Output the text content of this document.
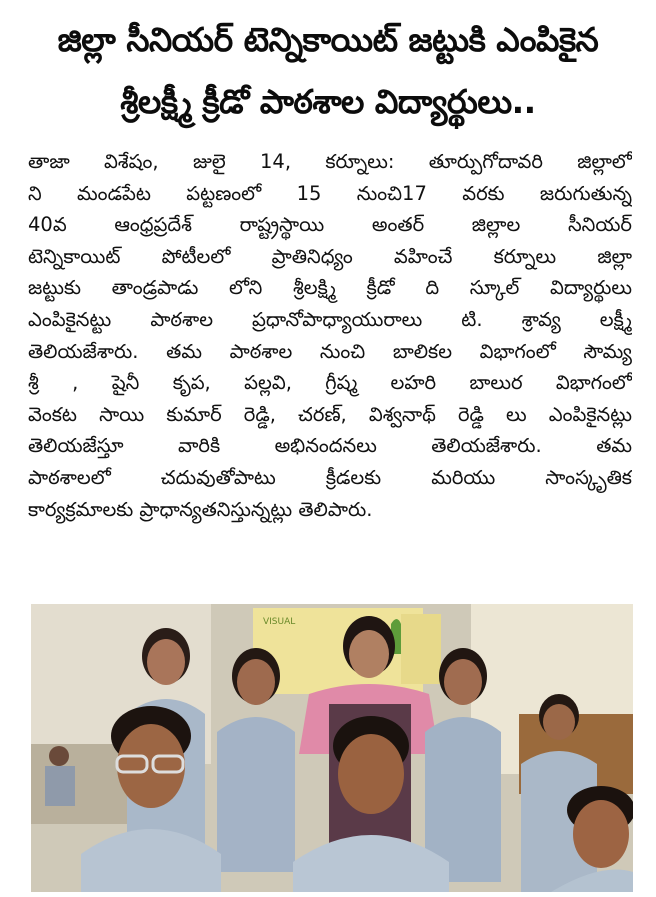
జిల్లా సీనియర్ టెన్నికాయిట్ జట్టుకి ఎంపికైన
శ్రీలక్ష్మీ క్రీడో పాఠశాల విద్యార్థులు..
తాజా విశేషం, జులై 14, కర్నూలు: తూర్పుగోదావరి జిల్లాలో
ని మండపేట పట్టణంలో 15 నుంచి17 వరకు జరుగుతున్న
40వ ఆంధ్రప్రదేశ్ రాష్ట్రస్థాయి అంతర్ జిల్లాల సీనియర్
టెన్నికాయిట్ పోటీలలో ప్రాతినిధ్యం వహించే కర్నూలు జిల్లా
జట్టుకు తాండ్రపాడు లోని శ్రీలక్ష్మి క్రీడో ది స్కూల్ విద్యార్థులు
ఎంపికైనట్టు పాఠశాల ప్రధానోపాధ్యాయురాలు టి. శ్రావ్య లక్ష్మీ
తెలియజేశారు. తమ పాఠశాల నుంచి బాలికల విభాగంలో సౌమ్య
శ్రీ , షైనీ కృప, పల్లవి, గ్రీష్మ లహరి బాలుర విభాగంలో
వెంకట సాయి కుమార్ రెడ్డి, చరణ్, విశ్వనాథ్ రెడ్డి లు ఎంపికైనట్లు
తెలియజేస్తూ వారికి అభినందనలు తెలియజేశారు. తమ
పాఠశాలలో చదువుతోపాటు క్రీడలకు మరియు సాంస్కృతిక
కార్యక్రమాలకు ప్రాధాన్యతనిస్తున్నట్లు తెలిపారు.
VISUAL
